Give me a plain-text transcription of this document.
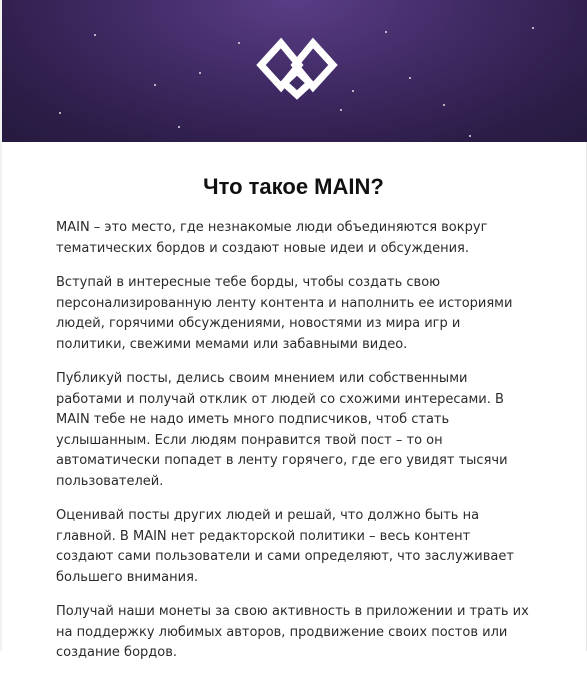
Что такое MAIN?

MAIN – это место, где незнакомые люди объединяются вокруг тематических бордов и создают новые идеи и обсуждения.

Вступай в интересные тебе борды, чтобы создать свою персонализированную ленту контента и наполнить ее историями людей, горячими обсуждениями, новостями из мира игр и политики, свежими мемами или забавными видео.

Публикуй посты, делись своим мнением или собственными работами и получай отклик от людей со схожими интересами. В MAIN тебе не надо иметь много подписчиков, чтоб стать услышанным. Если людям понравится твой пост – то он автоматически попадет в ленту горячего, где его увидят тысячи пользователей.

Оценивай посты других людей и решай, что должно быть на главной. В MAIN нет редакторской политики – весь контент создают сами пользователи и сами определяют, что заслуживает большего внимания.

Получай наши монеты за свою активность в приложении и трать их на поддержку любимых авторов, продвижение своих постов или создание бордов.
